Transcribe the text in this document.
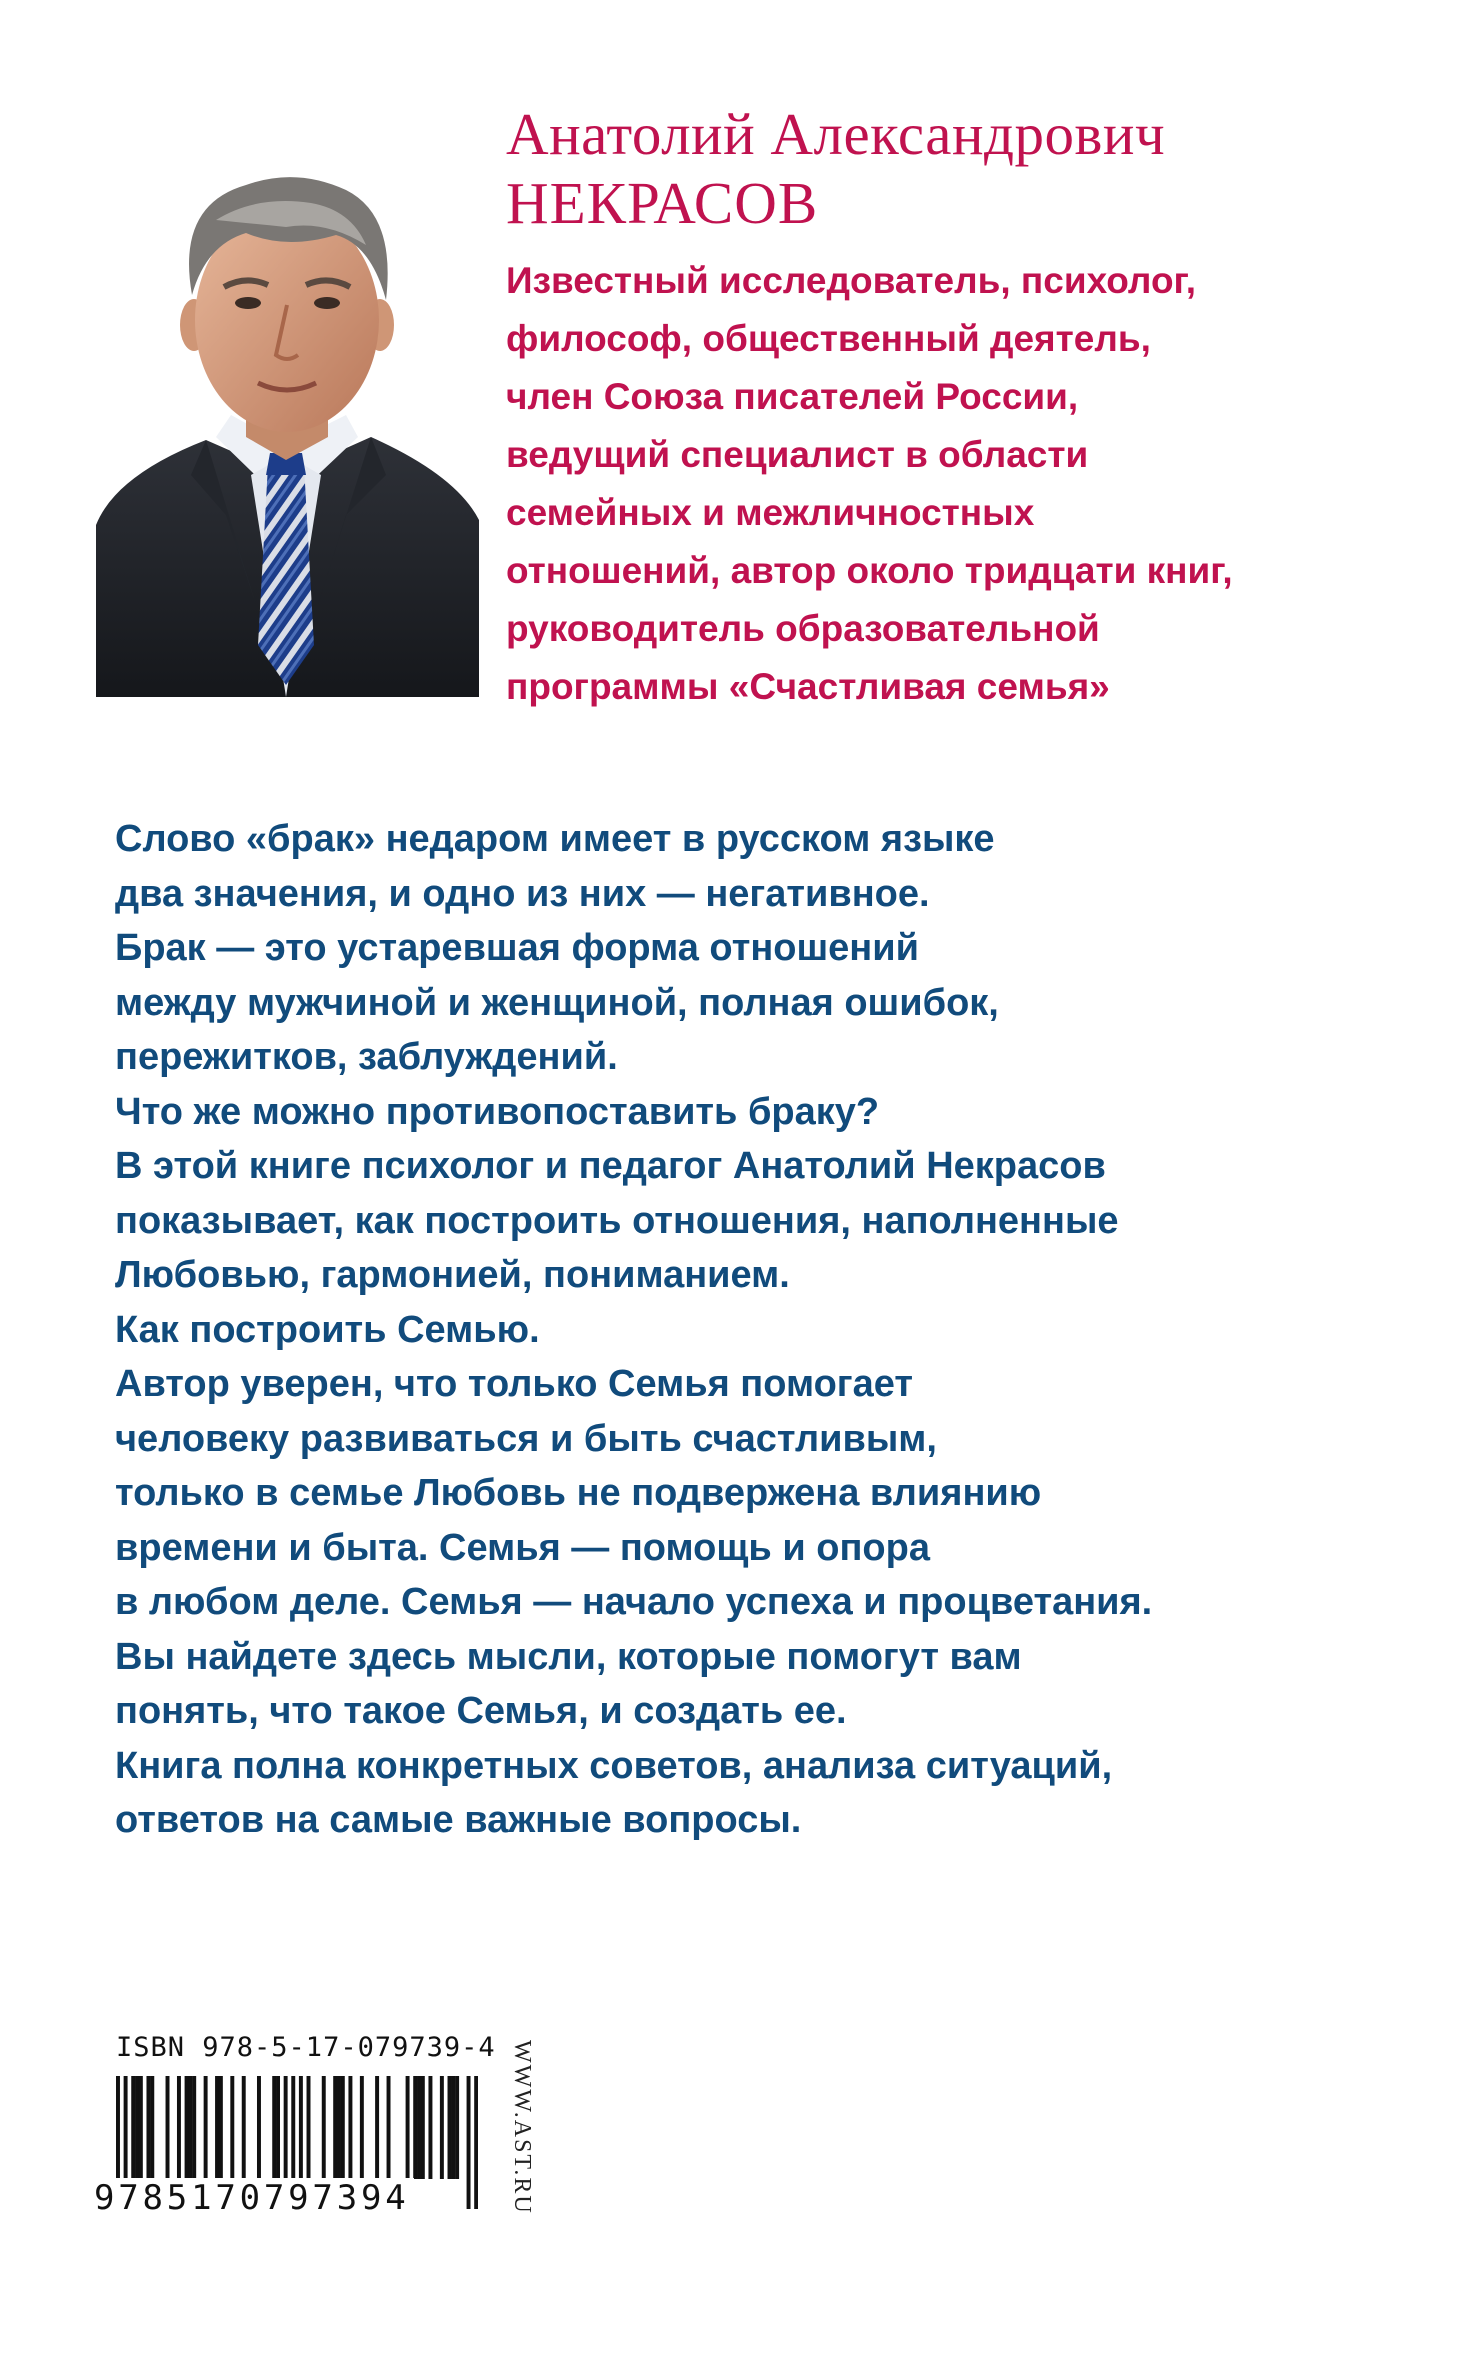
Анатолий Александрович
НЕКРАСОВ
Известный исследователь, психолог,
философ, общественный деятель,
член Союза писателей России,
ведущий специалист в области
семейных и межличностных
отношений, автор около тридцати книг,
руководитель образовательной
программы «Счастливая семья»
Слово «брак» недаром имеет в русском языке
два значения, и одно из них — негативное.
Брак — это устаревшая форма отношений
между мужчиной и женщиной, полная ошибок,
пережитков, заблуждений.
Что же можно противопоставить браку?
В этой книге психолог и педагог Анатолий Некрасов
показывает, как построить отношения, наполненные
Любовью, гармонией, пониманием.
Как построить Семью.
Автор уверен, что только Семья помогает
человеку развиваться и быть счастливым,
только в семье Любовь не подвержена влиянию
времени и быта. Семья — помощь и опора
в любом деле. Семья — начало успеха и процветания.
Вы найдете здесь мысли, которые помогут вам
понять, что такое Семья, и создать ее.
Книга полна конкретных советов, анализа ситуаций,
ответов на самые важные вопросы.
ISBN 978-5-17-079739-4
9785170797394	WWW.AST.RU
